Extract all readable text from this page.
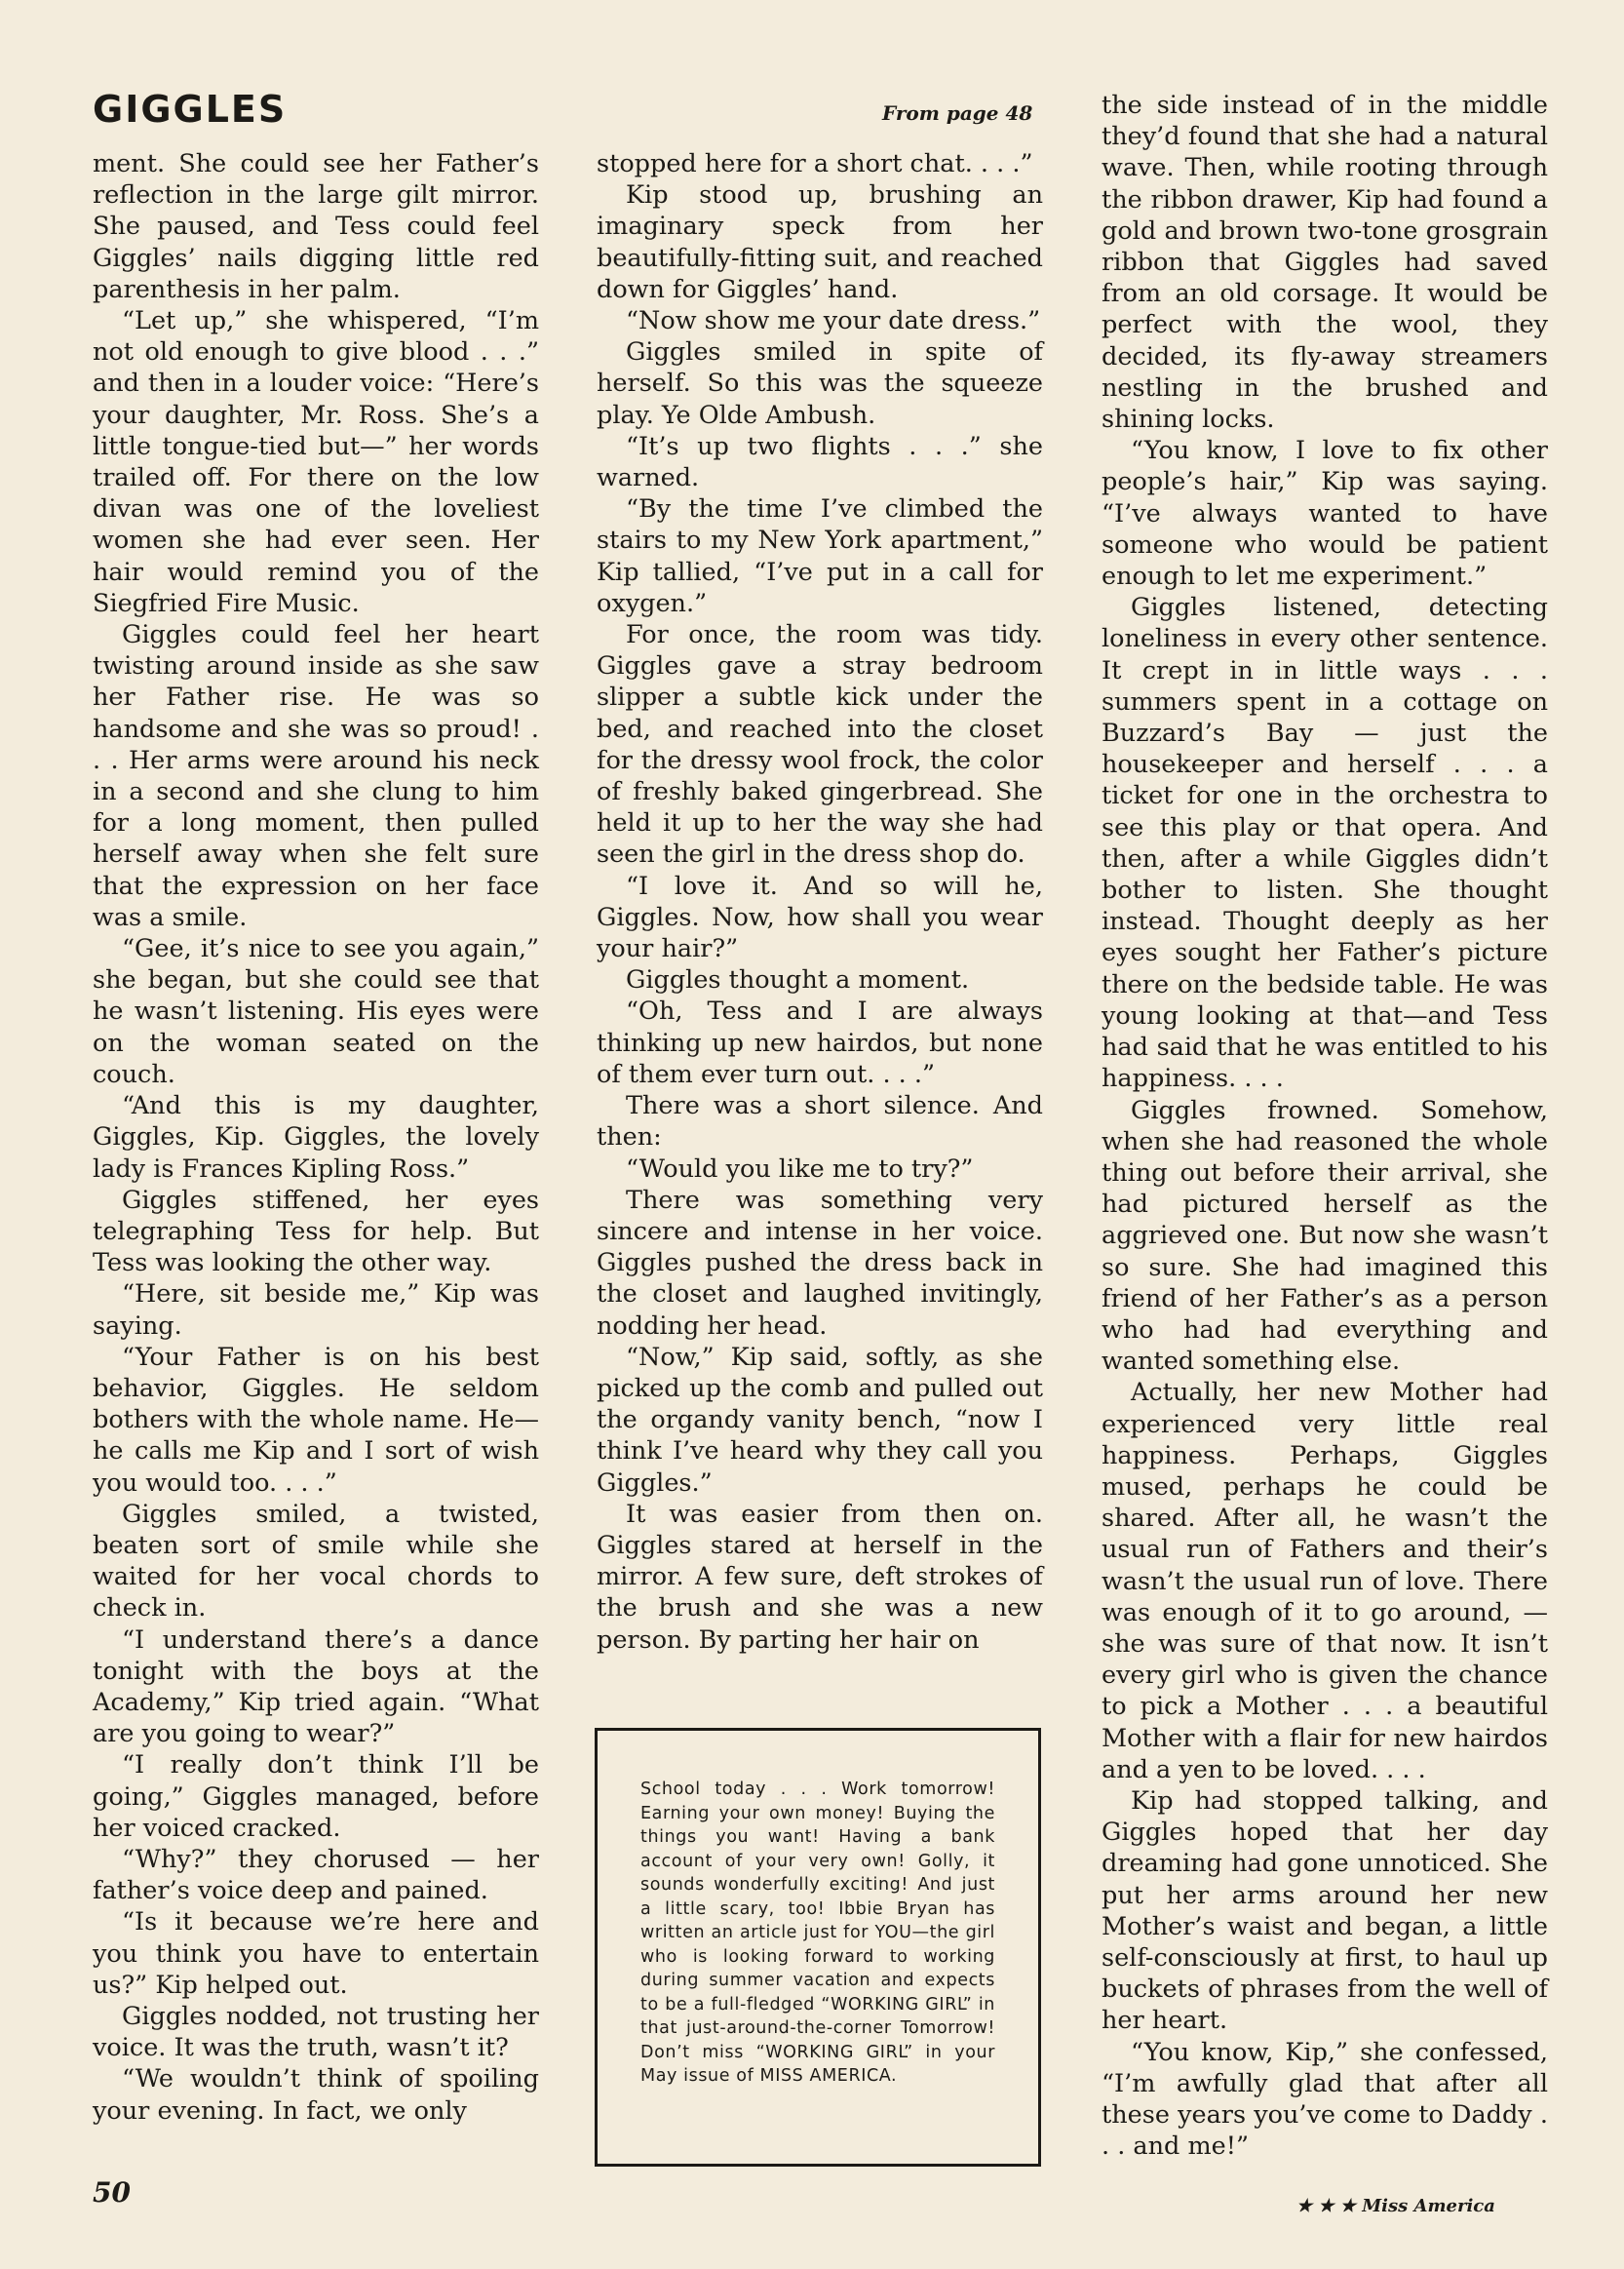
GIGGLES	From page 48

ment. She could see her Father’s reflection in the large gilt mirror. She paused, and Tess could feel Giggles’ nails digging little red parenthesis in her palm.

“Let up,” she whispered, “I’m not old enough to give blood . . .” and then in a louder voice: “Here’s your daughter, Mr. Ross. She’s a little tongue-tied but—” her words trailed off. For there on the low divan was one of the loveliest women she had ever seen. Her hair would remind you of the Siegfried Fire Music.

Giggles could feel her heart twisting around inside as she saw her Father rise. He was so handsome and she was so proud! . . . Her arms were around his neck in a second and she clung to him for a long moment, then pulled herself away when she felt sure that the expression on her face was a smile.

“Gee, it’s nice to see you again,” she began, but she could see that he wasn’t listening. His eyes were on the woman seated on the couch.

“And this is my daughter, Giggles, Kip. Giggles, the lovely lady is Frances Kipling Ross.”

Giggles stiffened, her eyes telegraphing Tess for help. But Tess was looking the other way.

“Here, sit beside me,” Kip was saying.

“Your Father is on his best behavior, Giggles. He seldom bothers with the whole name. He—he calls me Kip and I sort of wish you would too. . . .”

Giggles smiled, a twisted, beaten sort of smile while she waited for her vocal chords to check in.

“I understand there’s a dance tonight with the boys at the Academy,” Kip tried again. “What are you going to wear?”

“I really don’t think I’ll be going,” Giggles managed, before her voiced cracked.

“Why?” they chorused — her father’s voice deep and pained.

“Is it because we’re here and you think you have to entertain us?” Kip helped out.

Giggles nodded, not trusting her voice. It was the truth, wasn’t it?

“We wouldn’t think of spoiling your evening. In fact, we only

stopped here for a short chat. . . .”

Kip stood up, brushing an imaginary speck from her beautifully-fitting suit, and reached down for Giggles’ hand.

“Now show me your date dress.”

Giggles smiled in spite of herself. So this was the squeeze play. Ye Olde Ambush.

“It’s up two flights . . .” she warned.

“By the time I’ve climbed the stairs to my New York apartment,” Kip tallied, “I’ve put in a call for oxygen.”

For once, the room was tidy. Giggles gave a stray bedroom slipper a subtle kick under the bed, and reached into the closet for the dressy wool frock, the color of freshly baked gingerbread. She held it up to her the way she had seen the girl in the dress shop do.

“I love it. And so will he, Giggles. Now, how shall you wear your hair?”

Giggles thought a moment.

“Oh, Tess and I are always thinking up new hairdos, but none of them ever turn out. . . .”

There was a short silence. And then:

“Would you like me to try?”

There was something very sincere and intense in her voice. Giggles pushed the dress back in the closet and laughed invitingly, nodding her head.

“Now,” Kip said, softly, as she picked up the comb and pulled out the organdy vanity bench, “now I think I’ve heard why they call you Giggles.”

It was easier from then on. Giggles stared at herself in the mirror. A few sure, deft strokes of the brush and she was a new person. By parting her hair on

School today . . . Work tomorrow! Earning your own money! Buying the things you want! Having a bank account of your very own! Golly, it sounds wonderfully exciting! And just a little scary, too! Ibbie Bryan has written an article just for YOU—the girl who is looking forward to working during summer vacation and expects to be a full-fledged “WORKING GIRL” in that just-around-the-corner Tomorrow! Don’t miss “WORKING GIRL” in your May issue of MISS AMERICA.

the side instead of in the middle they’d found that she had a natural wave. Then, while rooting through the ribbon drawer, Kip had found a gold and brown two-tone grosgrain ribbon that Giggles had saved from an old corsage. It would be perfect with the wool, they decided, its fly-away streamers nestling in the brushed and shining locks.

“You know, I love to fix other people’s hair,” Kip was saying. “I’ve always wanted to have someone who would be patient enough to let me experiment.”

Giggles listened, detecting loneliness in every other sentence. It crept in in little ways . . . summers spent in a cottage on Buzzard’s Bay — just the housekeeper and herself . . . a ticket for one in the orchestra to see this play or that opera. And then, after a while Giggles didn’t bother to listen. She thought instead. Thought deeply as her eyes sought her Father’s picture there on the bedside table. He was young looking at that—and Tess had said that he was entitled to his happiness. . . .

Giggles frowned. Somehow, when she had reasoned the whole thing out before their arrival, she had pictured herself as the aggrieved one. But now she wasn’t so sure. She had imagined this friend of her Father’s as a person who had had everything and wanted something else.

Actually, her new Mother had experienced very little real happiness. Perhaps, Giggles mused, perhaps he could be shared. After all, he wasn’t the usual run of Fathers and their’s wasn’t the usual run of love. There was enough of it to go around, — she was sure of that now. It isn’t every girl who is given the chance to pick a Mother . . . a beautiful Mother with a flair for new hairdos and a yen to be loved. . . .

Kip had stopped talking, and Giggles hoped that her day dreaming had gone unnoticed. She put her arms around her new Mother’s waist and began, a little self-consciously at first, to haul up buckets of phrases from the well of her heart.

“You know, Kip,” she confessed, “I’m awfully glad that after all these years you’ve come to Daddy . . . and me!”

50	★ ★ ★ Miss America
